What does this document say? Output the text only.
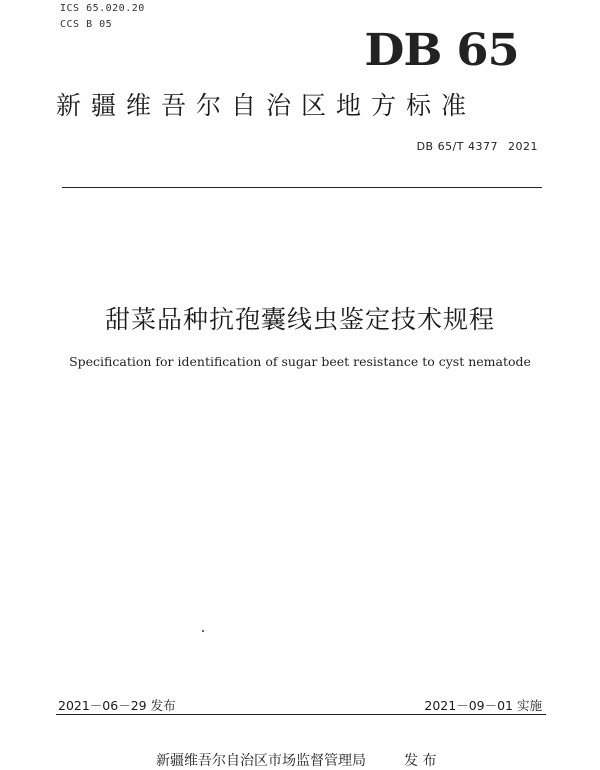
ICS 65.020.20
CCS B 05
DB 65
新疆维吾尔自治区地方标准
DB 65/T 4377  2021
甜菜品种抗孢囊线虫鉴定技术规程
Specification for identification of sugar beet resistance to cyst nematode
2021－06－29 发布	2021－09－01 实施
新疆维吾尔自治区市场监督管理局	发 布
